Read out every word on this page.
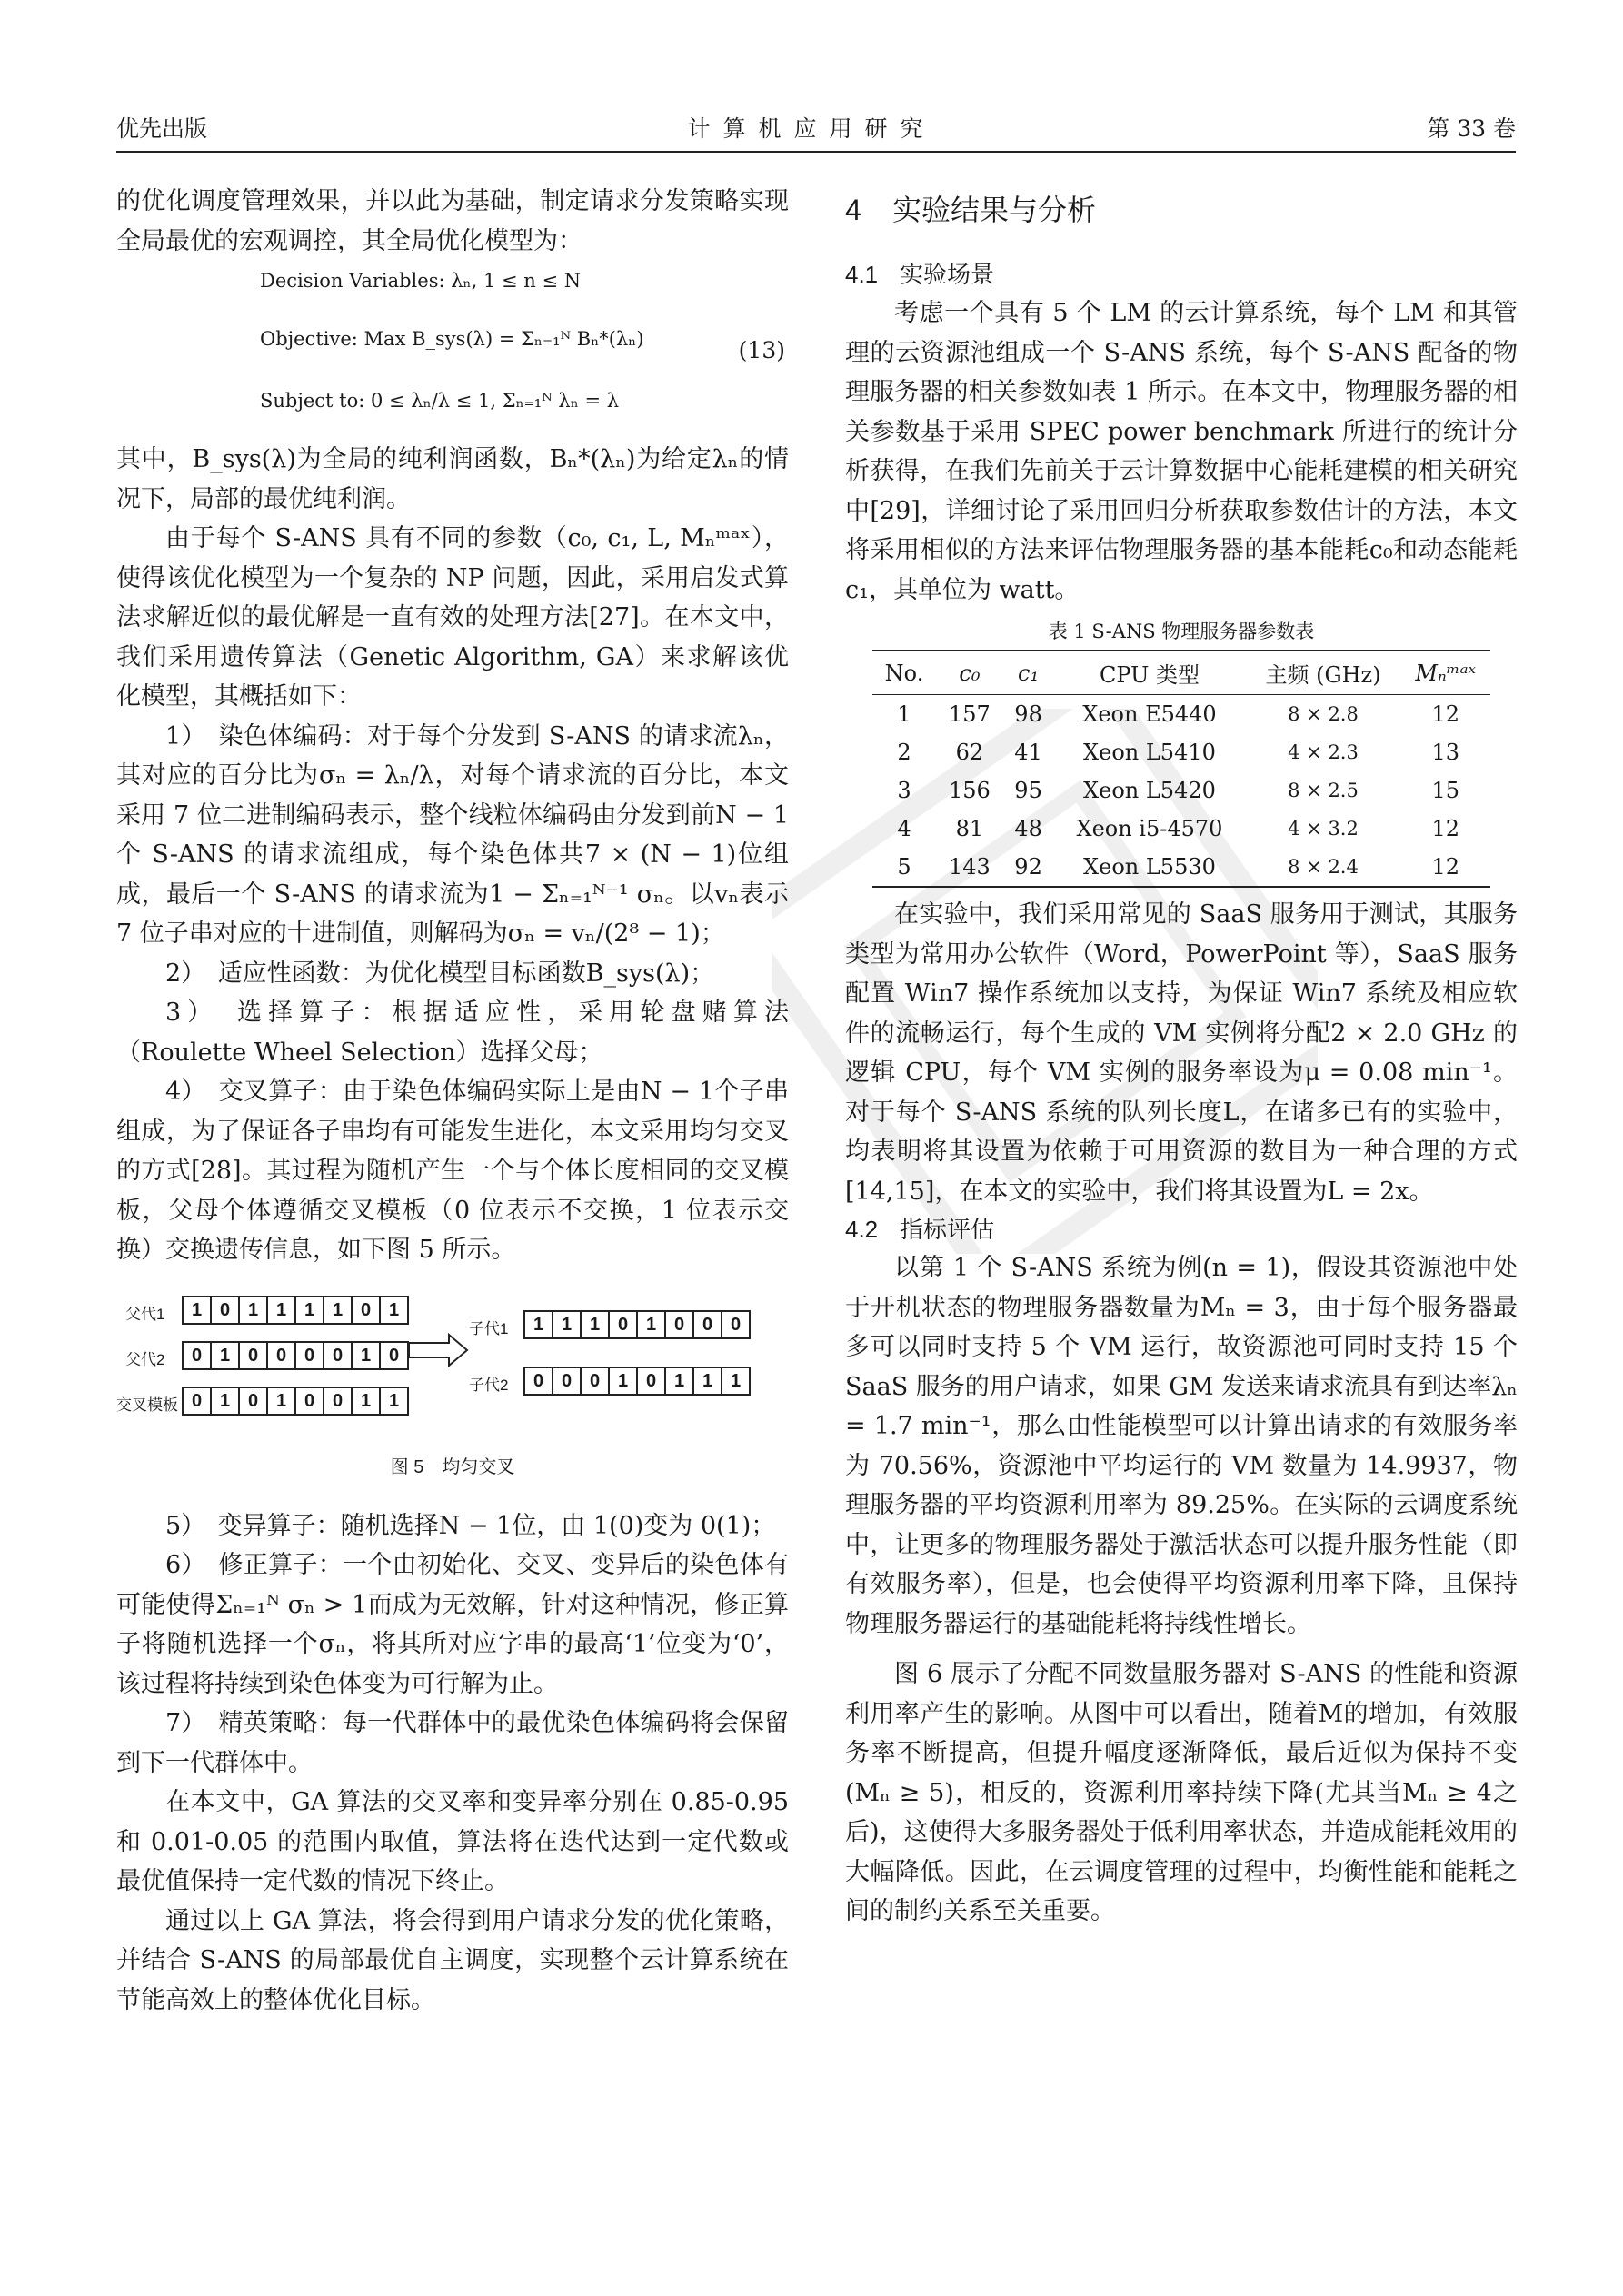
优先出版	计算机应用研究	第 33 卷

的优化调度管理效果，并以此为基础，制定请求分发策略实现全局最优的宏观调控，其全局优化模型为：

Decision Variables: λₙ, 1 ≤ n ≤ N
Objective: Max B_sys(λ) = Σₙ₌₁ᴺ Bₙ*(λₙ)
Subject to: 0 ≤ λₙ/λ ≤ 1, Σₙ₌₁ᴺ λₙ = λ
(13)

其中，B_sys(λ)为全局的纯利润函数，Bₙ*(λₙ)为给定λₙ的情况下，局部的最优纯利润。

由于每个 S-ANS 具有不同的参数（c₀, c₁, L, Mₙᵐᵃˣ），使得该优化模型为一个复杂的 NP 问题，因此，采用启发式算法求解近似的最优解是一直有效的处理方法[27]。在本文中，我们采用遗传算法（Genetic Algorithm, GA）来求解该优化模型，其概括如下：

1）　染色体编码：对于每个分发到 S-ANS 的请求流λₙ，其对应的百分比为σₙ = λₙ/λ，对每个请求流的百分比，本文采用 7 位二进制编码表示，整个线粒体编码由分发到前N − 1个 S-ANS 的请求流组成，每个染色体共7 × (N − 1)位组成，最后一个 S-ANS 的请求流为1 − Σₙ₌₁ᴺ⁻¹ σₙ。以vₙ表示 7 位子串对应的十进制值，则解码为σₙ = vₙ/(2⁸ − 1)；

2）　适应性函数：为优化模型目标函数B_sys(λ)；

3）　选择算子：根据适应性，采用轮盘赌算法（Roulette Wheel Selection）选择父母；

4）　交叉算子：由于染色体编码实际上是由N − 1个子串组成，为了保证各子串均有可能发生进化，本文采用均匀交叉的方式[28]。其过程为随机产生一个与个体长度相同的交叉模板，父母个体遵循交叉模板（0 位表示不交换，1 位表示交换）交换遗传信息，如下图 5 所示。

父代1
父代2
交叉模板
1 0 1 1 1 1 0 1
0 1 0 0 0 0 1 0
0 1 0 1 0 0 1 1
子代1
子代2
1 1 1 0 1 0 0 0
0 0 0 1 0 1 1 1
图 5　均匀交叉

5）　变异算子：随机选择N − 1位，由 1(0)变为 0(1)；

6）　修正算子：一个由初始化、交叉、变异后的染色体有可能使得Σₙ₌₁ᴺ σₙ > 1而成为无效解，针对这种情况，修正算子将随机选择一个σₙ，将其所对应字串的最高‘1’位变为‘0’，该过程将持续到染色体变为可行解为止。

7）　精英策略：每一代群体中的最优染色体编码将会保留到下一代群体中。

在本文中，GA 算法的交叉率和变异率分别在 0.85-0.95 和 0.01-0.05 的范围内取值，算法将在迭代达到一定代数或最优值保持一定代数的情况下终止。

通过以上 GA 算法，将会得到用户请求分发的优化策略，并结合 S-ANS 的局部最优自主调度，实现整个云计算系统在节能高效上的整体优化目标。

4 实验结果与分析
4.1 实验场景

考虑一个具有 5 个 LM 的云计算系统，每个 LM 和其管理的云资源池组成一个 S-ANS 系统，每个 S-ANS 配备的物理服务器的相关参数如表 1 所示。在本文中，物理服务器的相关参数基于采用 SPEC power benchmark 所进行的统计分析获得，在我们先前关于云计算数据中心能耗建模的相关研究中[29]，详细讨论了采用回归分析获取参数估计的方法，本文将采用相似的方法来评估物理服务器的基本能耗c₀和动态能耗c₁，其单位为 watt。

表 1 S-ANS 物理服务器参数表
No.	c₀	c₁	CPU 类型	主频 (GHz)	Mₙᵐᵃˣ
1	157	98	Xeon E5440	8 × 2.8	12
2	62	41	Xeon L5410	4 × 2.3	13
3	156	95	Xeon L5420	8 × 2.5	15
4	81	48	Xeon i5-4570	4 × 3.2	12
5	143	92	Xeon L5530	8 × 2.4	12

在实验中，我们采用常见的 SaaS 服务用于测试，其服务类型为常用办公软件（Word，PowerPoint 等），SaaS 服务配置 Win7 操作系统加以支持，为保证 Win7 系统及相应软件的流畅运行，每个生成的 VM 实例将分配2 × 2.0 GHz 的逻辑 CPU，每个 VM 实例的服务率设为μ = 0.08 min⁻¹。对于每个 S-ANS 系统的队列长度L，在诸多已有的实验中，均表明将其设置为依赖于可用资源的数目为一种合理的方式[14,15]，在本文的实验中，我们将其设置为L = 2x。

4.2 指标评估

以第 1 个 S-ANS 系统为例(n = 1)，假设其资源池中处于开机状态的物理服务器数量为Mₙ = 3，由于每个服务器最多可以同时支持 5 个 VM 运行，故资源池可同时支持 15 个 SaaS 服务的用户请求，如果 GM 发送来请求流具有到达率λₙ = 1.7 min⁻¹，那么由性能模型可以计算出请求的有效服务率为 70.56%，资源池中平均运行的 VM 数量为 14.9937，物理服务器的平均资源利用率为 89.25%。在实际的云调度系统中，让更多的物理服务器处于激活状态可以提升服务性能（即有效服务率），但是，也会使得平均资源利用率下降，且保持物理服务器运行的基础能耗将持线性增长。

图 6 展示了分配不同数量服务器对 S-ANS 的性能和资源利用率产生的影响。从图中可以看出，随着M的增加，有效服务率不断提高，但提升幅度逐渐降低，最后近似为保持不变(Mₙ ≥ 5)，相反的，资源利用率持续下降(尤其当Mₙ ≥ 4之后)，这使得大多服务器处于低利用率状态，并造成能耗效用的大幅降低。因此，在云调度管理的过程中，均衡性能和能耗之间的制约关系至关重要。
